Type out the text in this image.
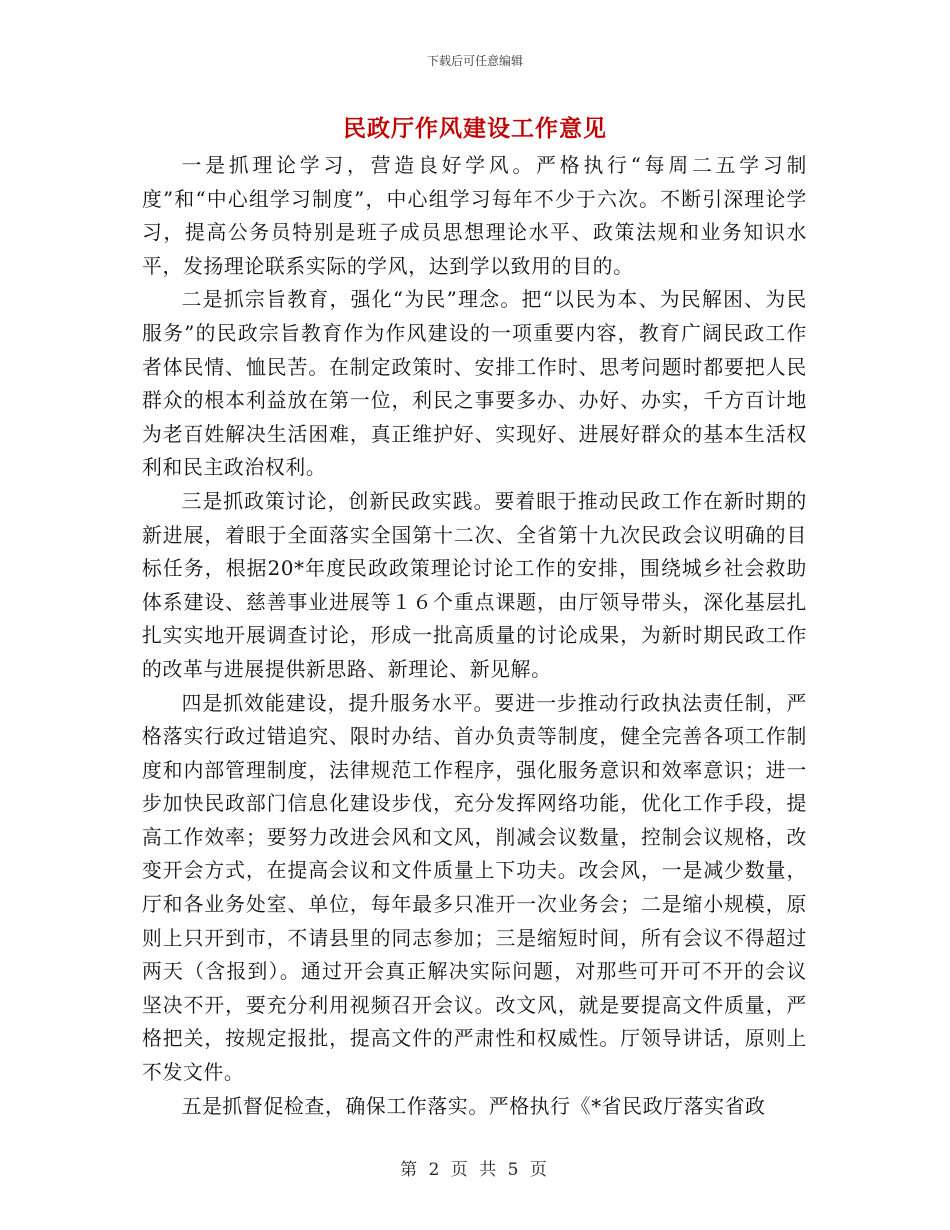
下载后可任意编辑
民政厅作风建设工作意见

一是抓理论学习，营造良好学风。严格执行“每周二五学习制度”和“中心组学习制度”，中心组学习每年不少于六次。不断引深理论学习，提高公务员特别是班子成员思想理论水平、政策法规和业务知识水平，发扬理论联系实际的学风，达到学以致用的目的。

二是抓宗旨教育，强化“为民”理念。把“以民为本、为民解困、为民服务”的民政宗旨教育作为作风建设的一项重要内容，教育广阔民政工作者体民情、恤民苦。在制定政策时、安排工作时、思考问题时都要把人民群众的根本利益放在第一位，利民之事要多办、办好、办实，千方百计地为老百姓解决生活困难，真正维护好、实现好、进展好群众的基本生活权利和民主政治权利。

三是抓政策讨论，创新民政实践。要着眼于推动民政工作在新时期的新进展，着眼于全面落实全国第十二次、全省第十九次民政会议明确的目标任务，根据20*年度民政政策理论讨论工作的安排，围绕城乡社会救助体系建设、慈善事业进展等１６个重点课题，由厅领导带头，深化基层扎扎实实地开展调查讨论，形成一批高质量的讨论成果，为新时期民政工作的改革与进展提供新思路、新理论、新见解。

四是抓效能建设，提升服务水平。要进一步推动行政执法责任制，严格落实行政过错追究、限时办结、首办负责等制度，健全完善各项工作制度和内部管理制度，法律规范工作程序，强化服务意识和效率意识；进一步加快民政部门信息化建设步伐，充分发挥网络功能，优化工作手段，提高工作效率；要努力改进会风和文风，削减会议数量，控制会议规格，改变开会方式，在提高会议和文件质量上下功夫。改会风，一是减少数量，厅和各业务处室、单位，每年最多只准开一次业务会；二是缩小规模，原则上只开到市，不请县里的同志参加；三是缩短时间，所有会议不得超过两天（含报到）。通过开会真正解决实际问题，对那些可开可不开的会议坚决不开，要充分利用视频召开会议。改文风，就是要提高文件质量，严格把关，按规定报批，提高文件的严肃性和权威性。厅领导讲话，原则上不发文件。

五是抓督促检查，确保工作落实。严格执行《*省民政厅落实省政

第 2 页 共 5 页
